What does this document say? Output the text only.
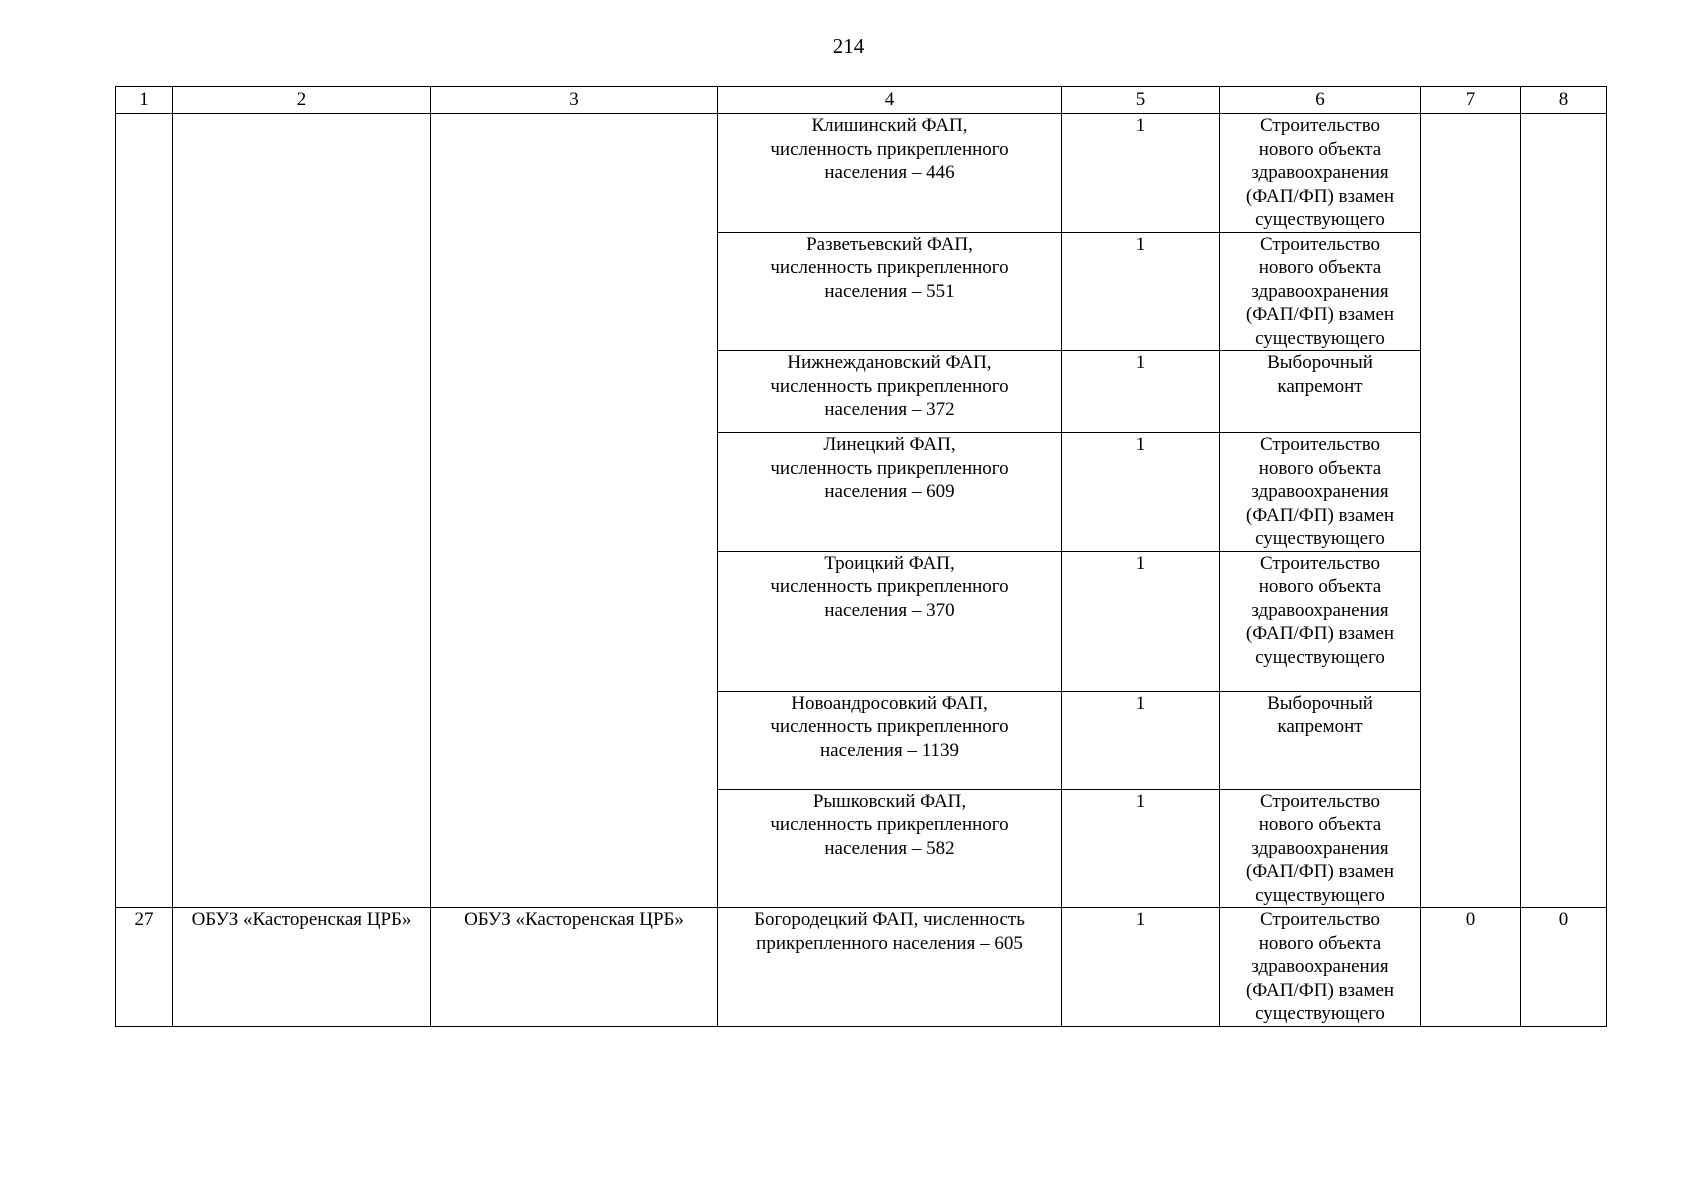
214
1	2	3	4	5	6	7	8

			Клишинский ФАП,
численность прикрепленного
населения – 446	1	Строительство
нового объекта
здравоохранения
(ФАП/ФП) взамен
существующего		

			Разветьевский ФАП,
численность прикрепленного
населения – 551	1	Строительство
нового объекта
здравоохранения
(ФАП/ФП) взамен
существующего		

			Нижнеждановский ФАП,
численность прикрепленного
населения – 372	1	Выборочный
капремонт		

			Линецкий ФАП,
численность прикрепленного
населения – 609	1	Строительство
нового объекта
здравоохранения
(ФАП/ФП) взамен
существующего		

			Троицкий ФАП,
численность прикрепленного
населения – 370	1	Строительство
нового объекта
здравоохранения
(ФАП/ФП) взамен
существующего		

			Новоандросовкий ФАП,
численность прикрепленного
населения – 1139	1	Выборочный
капремонт		

			Рышковский ФАП,
численность прикрепленного
населения – 582	1	Строительство
нового объекта
здравоохранения
(ФАП/ФП) взамен
существующего		

27	ОБУЗ «Касторенская ЦРБ»	ОБУЗ «Касторенская ЦРБ»	Богородецкий ФАП, численность
прикрепленного населения – 605	1	Строительство
нового объекта
здравоохранения
(ФАП/ФП) взамен
существующего	0	0
